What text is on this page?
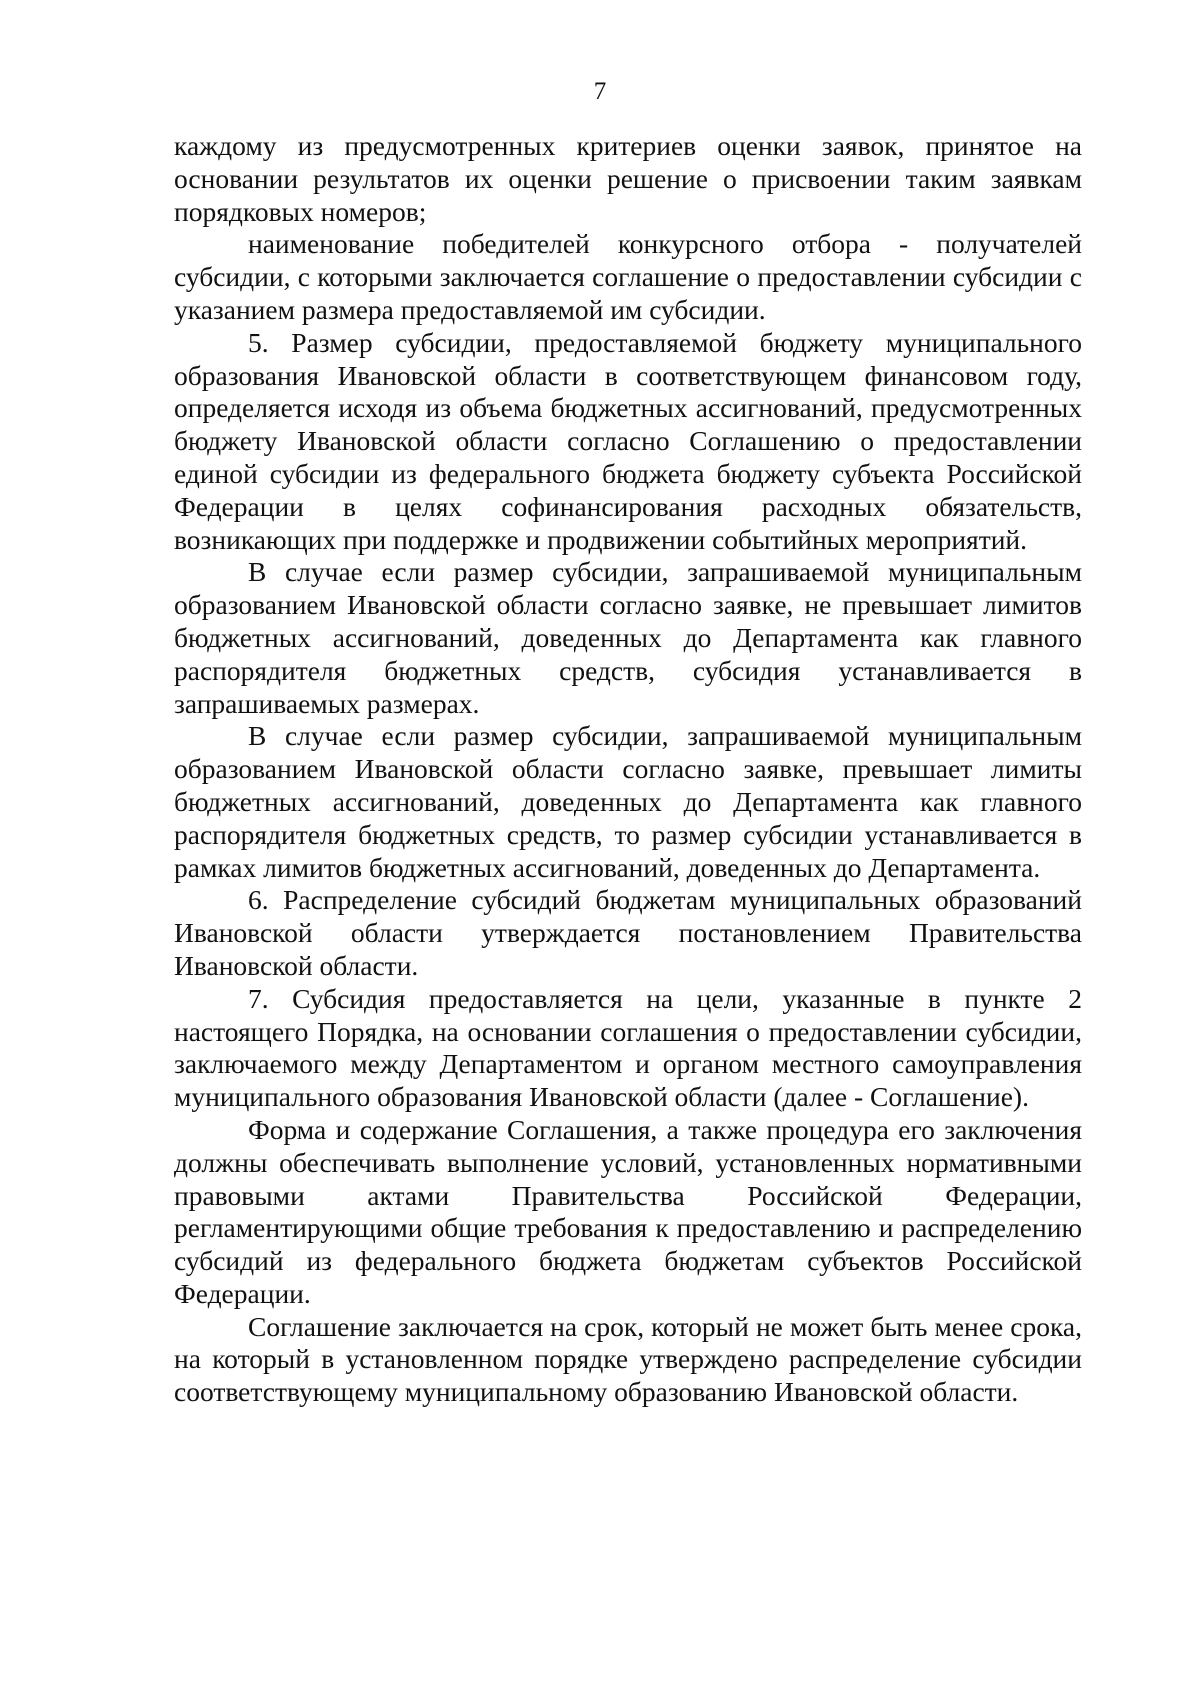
7

каждому из предусмотренных критериев оценки заявок, принятое на основании результатов их оценки решение о присвоении таким заявкам порядковых номеров;

наименование победителей конкурсного отбора - получателей субсидии, с которыми заключается соглашение о предоставлении субсидии с указанием размера предоставляемой им субсидии.

5. Размер субсидии, предоставляемой бюджету муниципального образования Ивановской области в соответствующем финансовом году, определяется исходя из объема бюджетных ассигнований, предусмотренных бюджету Ивановской области согласно Соглашению о предоставлении единой субсидии из федерального бюджета бюджету субъекта Российской Федерации в целях софинансирования расходных обязательств, возникающих при поддержке и продвижении событийных мероприятий.

В случае если размер субсидии, запрашиваемой муниципальным образованием Ивановской области согласно заявке, не превышает лимитов бюджетных ассигнований, доведенных до Департамента как главного распорядителя бюджетных средств, субсидия устанавливается в запрашиваемых размерах.

В случае если размер субсидии, запрашиваемой муниципальным образованием Ивановской области согласно заявке, превышает лимиты бюджетных ассигнований, доведенных до Департамента как главного распорядителя бюджетных средств, то размер субсидии устанавливается в рамках лимитов бюджетных ассигнований, доведенных до Департамента.

6. Распределение субсидий бюджетам муниципальных образований Ивановской области утверждается постановлением Правительства Ивановской области.

7. Субсидия предоставляется на цели, указанные в пункте 2 настоящего Порядка, на основании соглашения о предоставлении субсидии, заключаемого между Департаментом и органом местного самоуправления муниципального образования Ивановской области (далее - Соглашение).

Форма и содержание Соглашения, а также процедура его заключения должны обеспечивать выполнение условий, установленных нормативными правовыми актами Правительства Российской Федерации, регламентирующими общие требования к предоставлению и распределению субсидий из федерального бюджета бюджетам субъектов Российской Федерации.

Соглашение заключается на срок, который не может быть менее срока, на который в установленном порядке утверждено распределение субсидии соответствующему муниципальному образованию Ивановской области.
